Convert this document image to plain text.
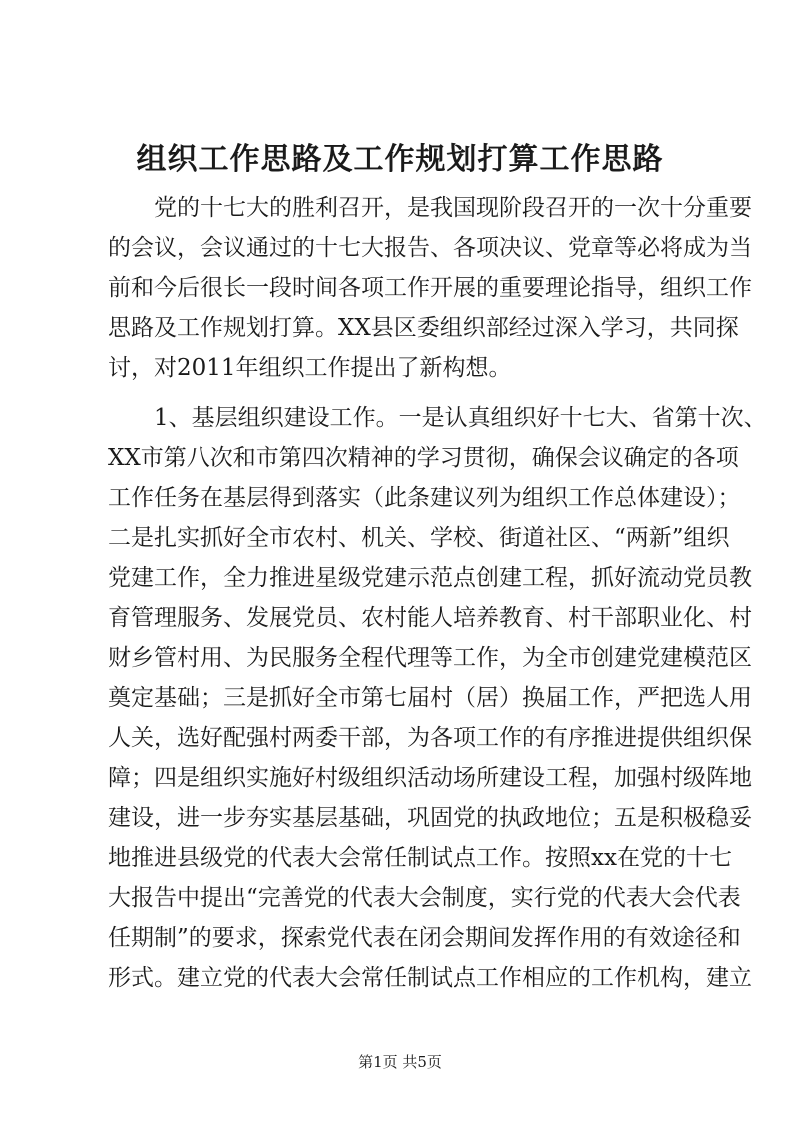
组织工作思路及工作规划打算工作思路
　　党的十七大的胜利召开，是我国现阶段召开的一次十分重要
的会议，会议通过的十七大报告、各项决议、党章等必将成为当
前和今后很长一段时间各项工作开展的重要理论指导，组织工作
思路及工作规划打算。XX县区委组织部经过深入学习，共同探
讨，对2011年组织工作提出了新构想。
　　1、基层组织建设工作。一是认真组织好十七大、省第十次、
XX市第八次和市第四次精神的学习贯彻，确保会议确定的各项
工作任务在基层得到落实（此条建议列为组织工作总体建设）；
二是扎实抓好全市农村、机关、学校、街道社区、“两新”组织
党建工作，全力推进星级党建示范点创建工程，抓好流动党员教
育管理服务、发展党员、农村能人培养教育、村干部职业化、村
财乡管村用、为民服务全程代理等工作，为全市创建党建模范区
奠定基础；三是抓好全市第七届村（居）换届工作，严把选人用
人关，选好配强村两委干部，为各项工作的有序推进提供组织保
障；四是组织实施好村级组织活动场所建设工程，加强村级阵地
建设，进一步夯实基层基础，巩固党的执政地位；五是积极稳妥
地推进县级党的代表大会常任制试点工作。按照xx在党的十七
大报告中提出“完善党的代表大会制度，实行党的代表大会代表
任期制”的要求，探索党代表在闭会期间发挥作用的有效途径和
形式。建立党的代表大会常任制试点工作相应的工作机构，建立
第1页 共5页
